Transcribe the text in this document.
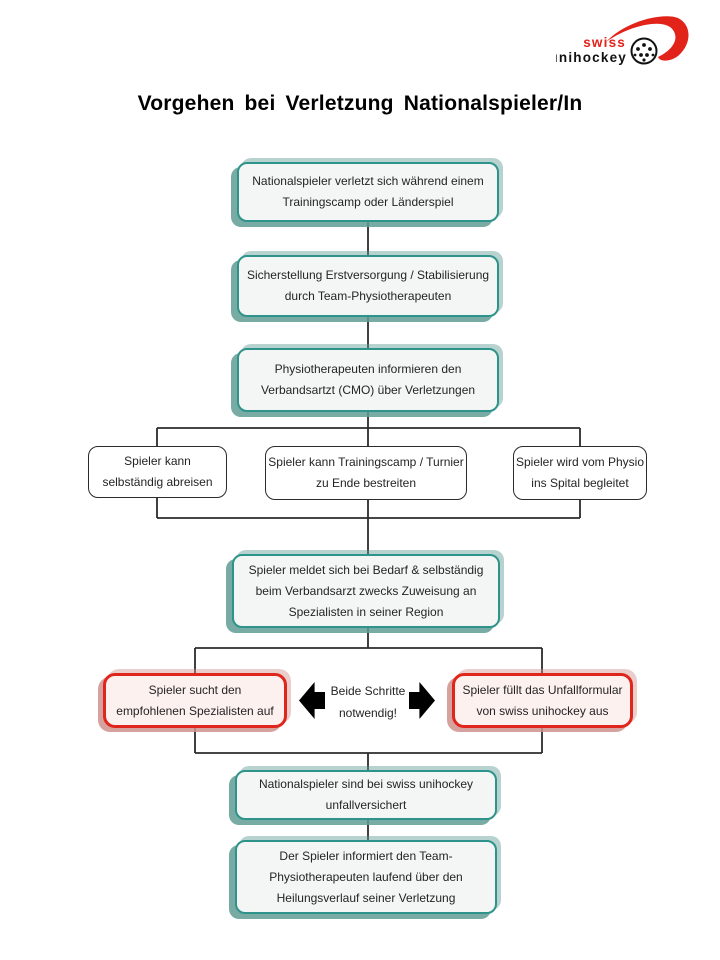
swiss
unihockey
Vorgehen bei Verletzung Nationalspieler/In
Nationalspieler verletzt sich während einem
Trainingscamp oder Länderspiel
Sicherstellung Erstversorgung / Stabilisierung
durch Team-Physiotherapeuten
Physiotherapeuten informieren den
Verbandsartzt (CMO) über Verletzungen
Spieler kann
selbständig abreisen
Spieler kann Trainingscamp / Turnier
zu Ende bestreiten
Spieler wird vom Physio
ins Spital begleitet
Spieler meldet sich bei Bedarf & selbständig
beim Verbandsarzt zwecks Zuweisung an
Spezialisten in seiner Region
Spieler sucht den
empfohlenen Spezialisten auf
Beide Schritte
notwendig!
Spieler füllt das Unfallformular
von swiss unihockey aus
Nationalspieler sind bei swiss unihockey
unfallversichert
Der Spieler informiert den Team-
Physiotherapeuten laufend über den
Heilungsverlauf seiner Verletzung
